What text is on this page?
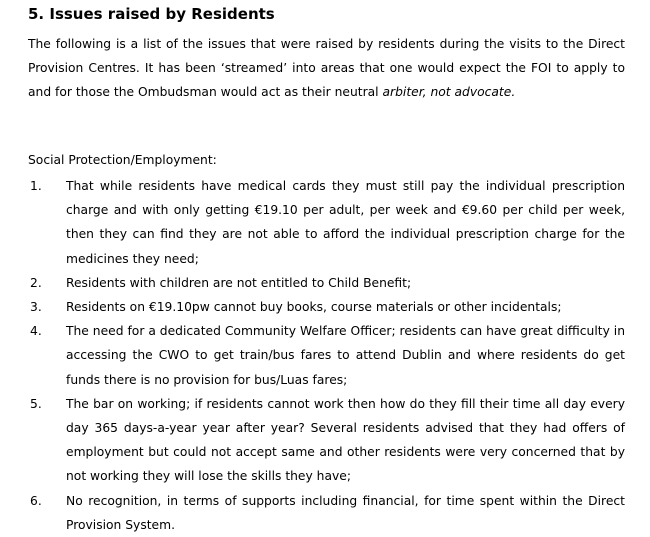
5. Issues raised by Residents
The following is a list of the issues that were raised by residents during the visits to the Direct Provision Centres. It has been ‘streamed’ into areas that one would expect the FOI to apply to and for those the Ombudsman would act as their neutral arbiter, not advocate.
Social Protection/Employment:
1. That while residents have medical cards they must still pay the individual prescription charge and with only getting €19.10 per adult, per week and €9.60 per child per week, then they can find they are not able to afford the individual prescription charge for the medicines they need;
2. Residents with children are not entitled to Child Benefit;
3. Residents on €19.10pw cannot buy books, course materials or other incidentals;
4. The need for a dedicated Community Welfare Officer; residents can have great difficulty in accessing the CWO to get train/bus fares to attend Dublin and where residents do get funds there is no provision for bus/Luas fares;
5. The bar on working; if residents cannot work then how do they fill their time all day every day 365 days-a-year year after year? Several residents advised that they had offers of employment but could not accept same and other residents were very concerned that by not working they will lose the skills they have;
6. No recognition, in terms of supports including financial, for time spent within the Direct Provision System.
